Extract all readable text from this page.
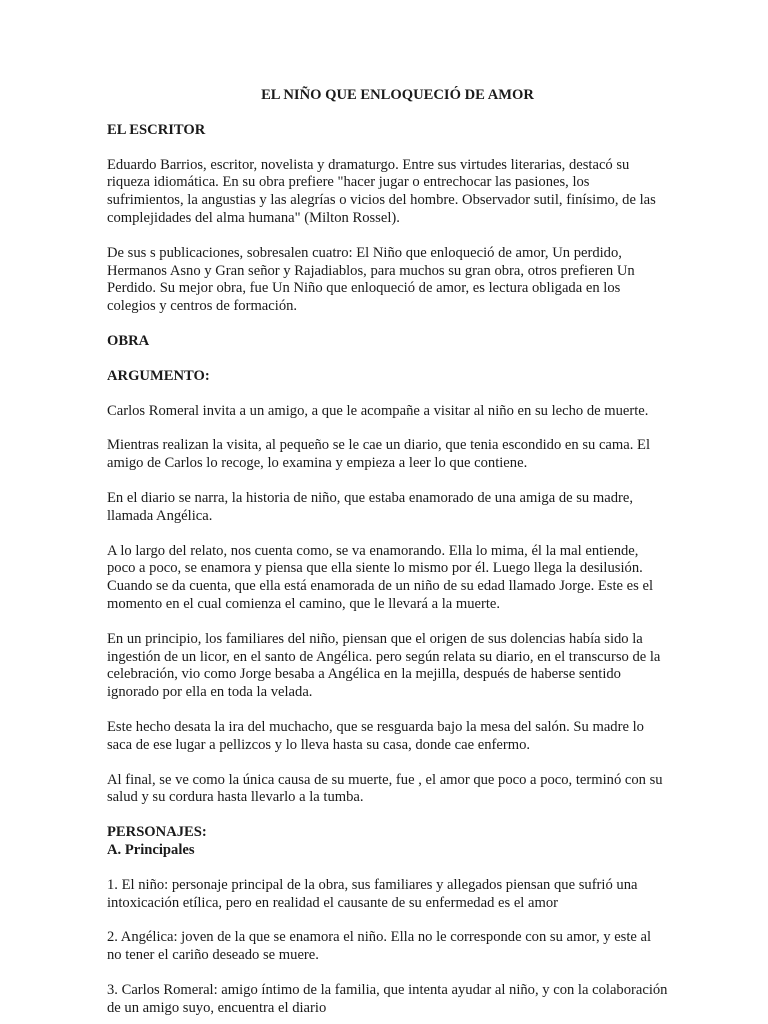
EL NIÑO QUE ENLOQUECIÓ DE AMOR
EL ESCRITOR
Eduardo Barrios, escritor, novelista y dramaturgo. Entre sus virtudes literarias, destacó su riqueza idiomática. En su obra prefiere "hacer jugar o entrechocar las pasiones, los sufrimientos, la angustias y las alegrías o vicios del hombre. Observador sutil, finísimo, de las complejidades del alma humana" (Milton Rossel).
De sus s publicaciones, sobresalen cuatro: El Niño que enloqueció de amor, Un perdido, Hermanos Asno y Gran señor y Rajadiablos, para muchos su gran obra, otros prefieren Un Perdido. Su mejor obra, fue Un Niño que enloqueció de amor, es lectura obligada en los colegios y centros de formación.
OBRA
ARGUMENTO:
Carlos Romeral invita a un amigo, a que le acompañe a visitar al niño en su lecho de muerte.
Mientras realizan la visita, al pequeño se le cae un diario, que tenia escondido en su cama. El amigo de Carlos lo recoge, lo examina y empieza a leer lo que contiene.
En el diario se narra, la historia de niño, que estaba enamorado de una amiga de su madre, llamada Angélica.
A lo largo del relato, nos cuenta como, se va enamorando. Ella lo mima, él la mal entiende, poco a poco, se enamora y piensa que ella siente lo mismo por él. Luego llega la desilusión. Cuando se da cuenta, que ella está enamorada de un niño de su edad llamado Jorge. Este es el momento en el cual comienza el camino, que le llevará a la muerte.
En un principio, los familiares del niño, piensan que el origen de sus dolencias había sido la ingestión de un licor, en el santo de Angélica. pero según relata su diario, en el transcurso de la celebración, vio como Jorge besaba a Angélica en la mejilla, después de haberse sentido ignorado por ella en toda la velada.
Este hecho desata la ira del muchacho, que se resguarda bajo la mesa del salón. Su madre lo saca de ese lugar a pellizcos y lo lleva hasta su casa, donde cae enfermo.
Al final, se ve como la única causa de su muerte, fue , el amor que poco a poco, terminó con su salud y su cordura hasta llevarlo a la tumba.
PERSONAJES:
A. Principales
1. El niño: personaje principal de la obra, sus familiares y allegados piensan que sufrió una intoxicación etílica, pero en realidad el causante de su enfermedad es el amor
2. Angélica: joven de la que se enamora el niño. Ella no le corresponde con su amor, y este al no tener el cariño deseado se muere.
3. Carlos Romeral: amigo íntimo de la familia, que intenta ayudar al niño, y con la colaboración de un amigo suyo, encuentra el diario
